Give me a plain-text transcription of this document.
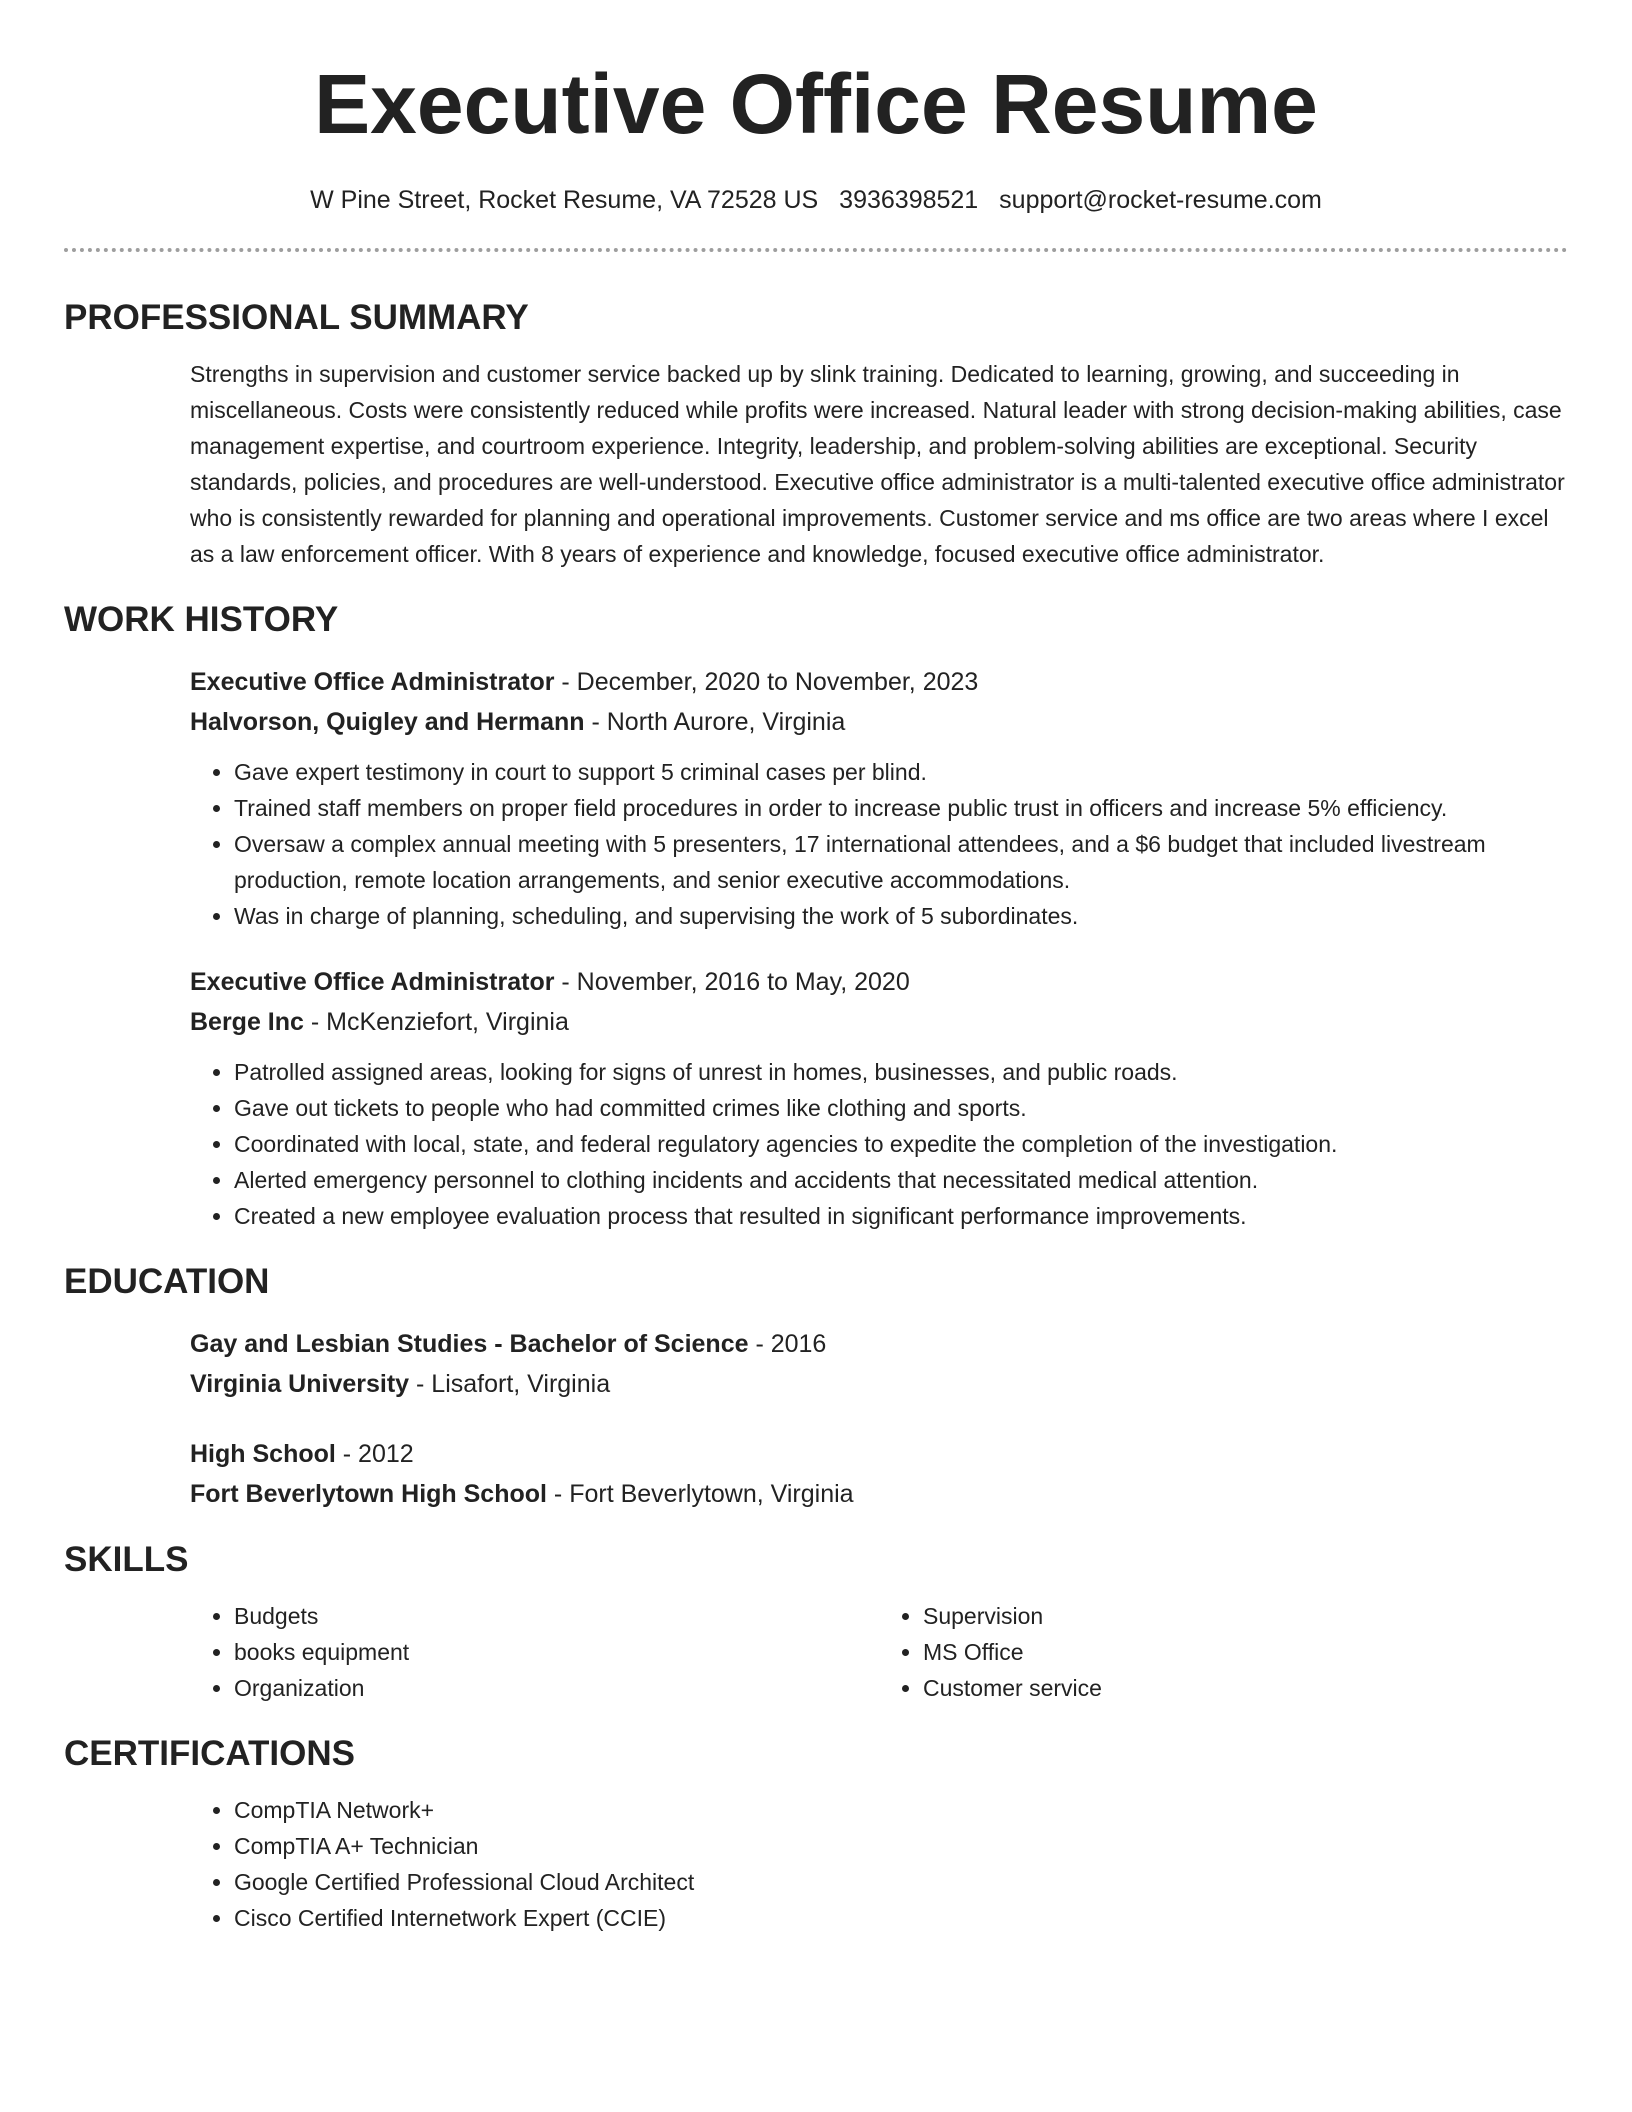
Executive Office Resume
W Pine Street, Rocket Resume, VA 72528 US 3936398521 support@rocket-resume.com
PROFESSIONAL SUMMARY

Strengths in supervision and customer service backed up by slink training. Dedicated to learning, growing, and succeeding in miscellaneous. Costs were consistently reduced while profits were increased. Natural leader with strong decision-making abilities, case management expertise, and courtroom experience. Integrity, leadership, and problem-solving abilities are exceptional. Security standards, policies, and procedures are well-understood. Executive office administrator is a multi-talented executive office administrator who is consistently rewarded for planning and operational improvements. Customer service and ms office are two areas where I excel as a law enforcement officer. With 8 years of experience and knowledge, focused executive office administrator.

WORK HISTORY
Executive Office Administrator - December, 2020 to November, 2023
Halvorson, Quigley and Hermann - North Aurore, Virginia
• Gave expert testimony in court to support 5 criminal cases per blind.
• Trained staff members on proper field procedures in order to increase public trust in officers and increase 5% efficiency.
• Oversaw a complex annual meeting with 5 presenters, 17 international attendees, and a $6 budget that included livestream production, remote location arrangements, and senior executive accommodations.
• Was in charge of planning, scheduling, and supervising the work of 5 subordinates.
Executive Office Administrator - November, 2016 to May, 2020
Berge Inc - McKenziefort, Virginia
• Patrolled assigned areas, looking for signs of unrest in homes, businesses, and public roads.
• Gave out tickets to people who had committed crimes like clothing and sports.
• Coordinated with local, state, and federal regulatory agencies to expedite the completion of the investigation.
• Alerted emergency personnel to clothing incidents and accidents that necessitated medical attention.
• Created a new employee evaluation process that resulted in significant performance improvements.
EDUCATION
Gay and Lesbian Studies - Bachelor of Science - 2016
Virginia University - Lisafort, Virginia
High School - 2012
Fort Beverlytown High School - Fort Beverlytown, Virginia
SKILLS
• Budgets
• books equipment
• Organization
• Supervision
• MS Office
• Customer service
CERTIFICATIONS
• CompTIA Network+
• CompTIA A+ Technician
• Google Certified Professional Cloud Architect
• Cisco Certified Internetwork Expert (CCIE)
